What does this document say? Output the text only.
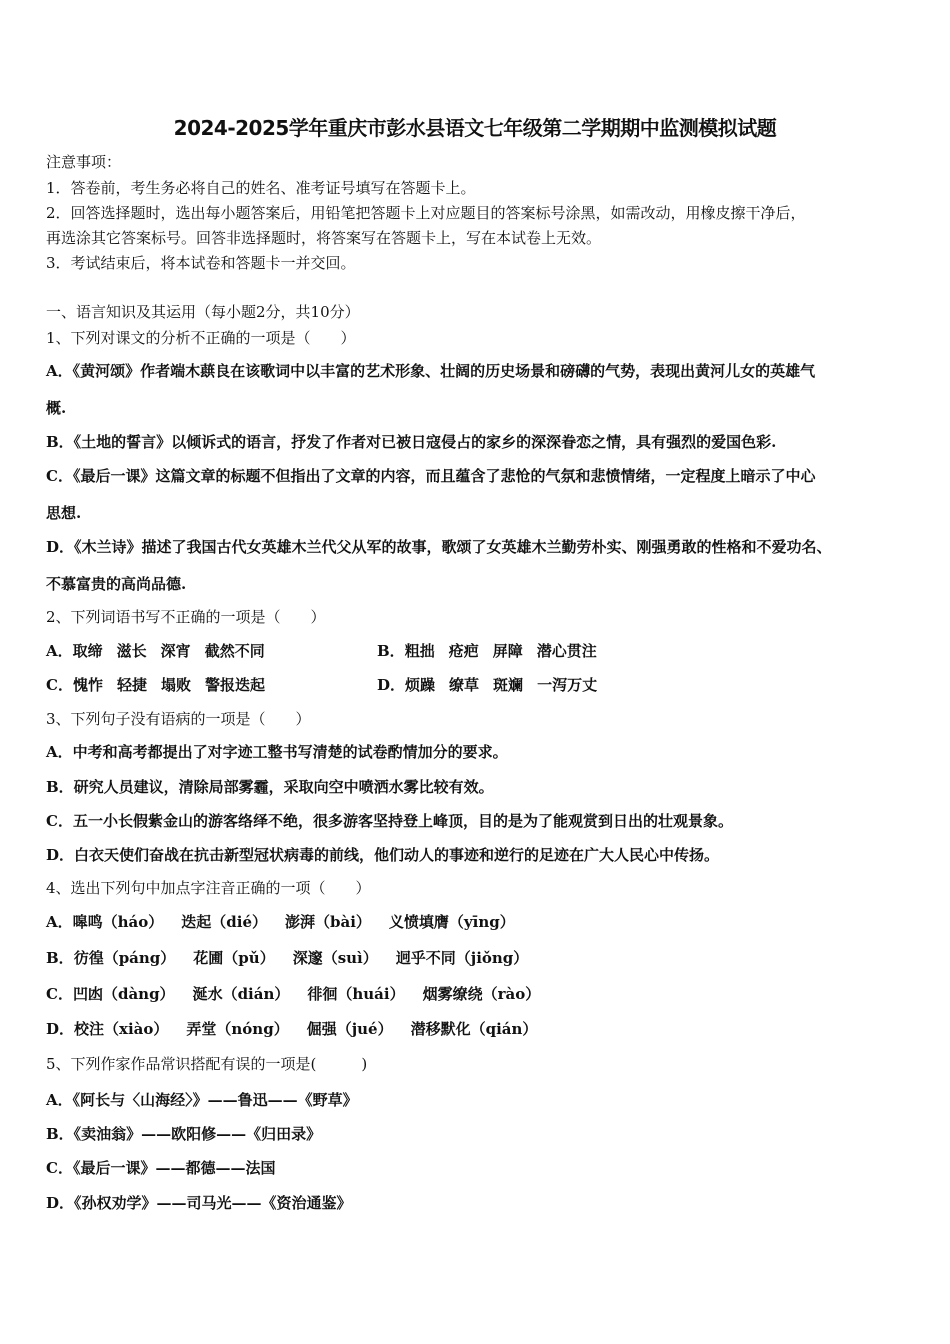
2024-2025学年重庆市彭水县语文七年级第二学期期中监测模拟试题
注意事项：
1．答卷前，考生务必将自己的姓名、准考证号填写在答题卡上。
2．回答选择题时，选出每小题答案后，用铅笔把答题卡上对应题目的答案标号涂黑，如需改动，用橡皮擦干净后，
再选涂其它答案标号。回答非选择题时，将答案写在答题卡上，写在本试卷上无效。
3．考试结束后，将本试卷和答题卡一并交回。
一、语言知识及其运用（每小题2分，共10分）
1、下列对课文的分析不正确的一项是（　　）
A．《黄河颂》作者端木蕻良在该歌词中以丰富的艺术形象、壮阔的历史场景和磅礴的气势，表现出黄河儿女的英雄气
概.
B．《土地的誓言》以倾诉式的语言，抒发了作者对已被日寇侵占的家乡的深深眷恋之情，具有强烈的爱国色彩.
C．《最后一课》这篇文章的标题不但指出了文章的内容，而且蕴含了悲怆的气氛和悲愤情绪，一定程度上暗示了中心
思想.
D．《木兰诗》描述了我国古代女英雄木兰代父从军的故事，歌颂了女英雄木兰勤劳朴实、刚强勇敢的性格和不爱功名、
不慕富贵的高尚品德.
2、下列词语书写不正确的一项是（　　）
A．取缔 滋长 深宵 截然不同	B．粗拙 疮疤 屏障 潜心贯注
C．愧怍 轻捷 塌败 警报迭起	D．烦躁 缭草 斑斓 一泻万丈
3、下列句子没有语病的一项是（　　）
A．中考和高考都提出了对字迹工整书写清楚的试卷酌情加分的要求。
B．研究人员建议，清除局部雾霾，采取向空中喷洒水雾比较有效。
C．五一小长假紫金山的游客络绎不绝，很多游客坚持登上峰顶，目的是为了能观赏到日出的壮观景象。
D．白衣天使们奋战在抗击新型冠状病毒的前线，他们动人的事迹和逆行的足迹在广大人民心中传扬。
4、选出下列句中加点字注音正确的一项（　　）
A．嗥鸣（háo） 迭起（dié） 澎湃（bài） 义愤填膺（yīng）
B．彷徨（páng） 花圃（pǔ） 深邃（suì） 迥乎不同（jiǒng）
C．凹凼（dàng） 涎水（dián） 徘徊（huái） 烟雾缭绕（rào）
D．校注（xiào） 弄堂（nóng） 倔强（jué） 潜移默化（qián）
5、下列作家作品常识搭配有误的一项是(　　　)
A．《阿长与〈山海经〉》——鲁迅——《野草》
B．《卖油翁》——欧阳修——《归田录》
C．《最后一课》——都德——法国
D．《孙权劝学》——司马光——《资治通鉴》
